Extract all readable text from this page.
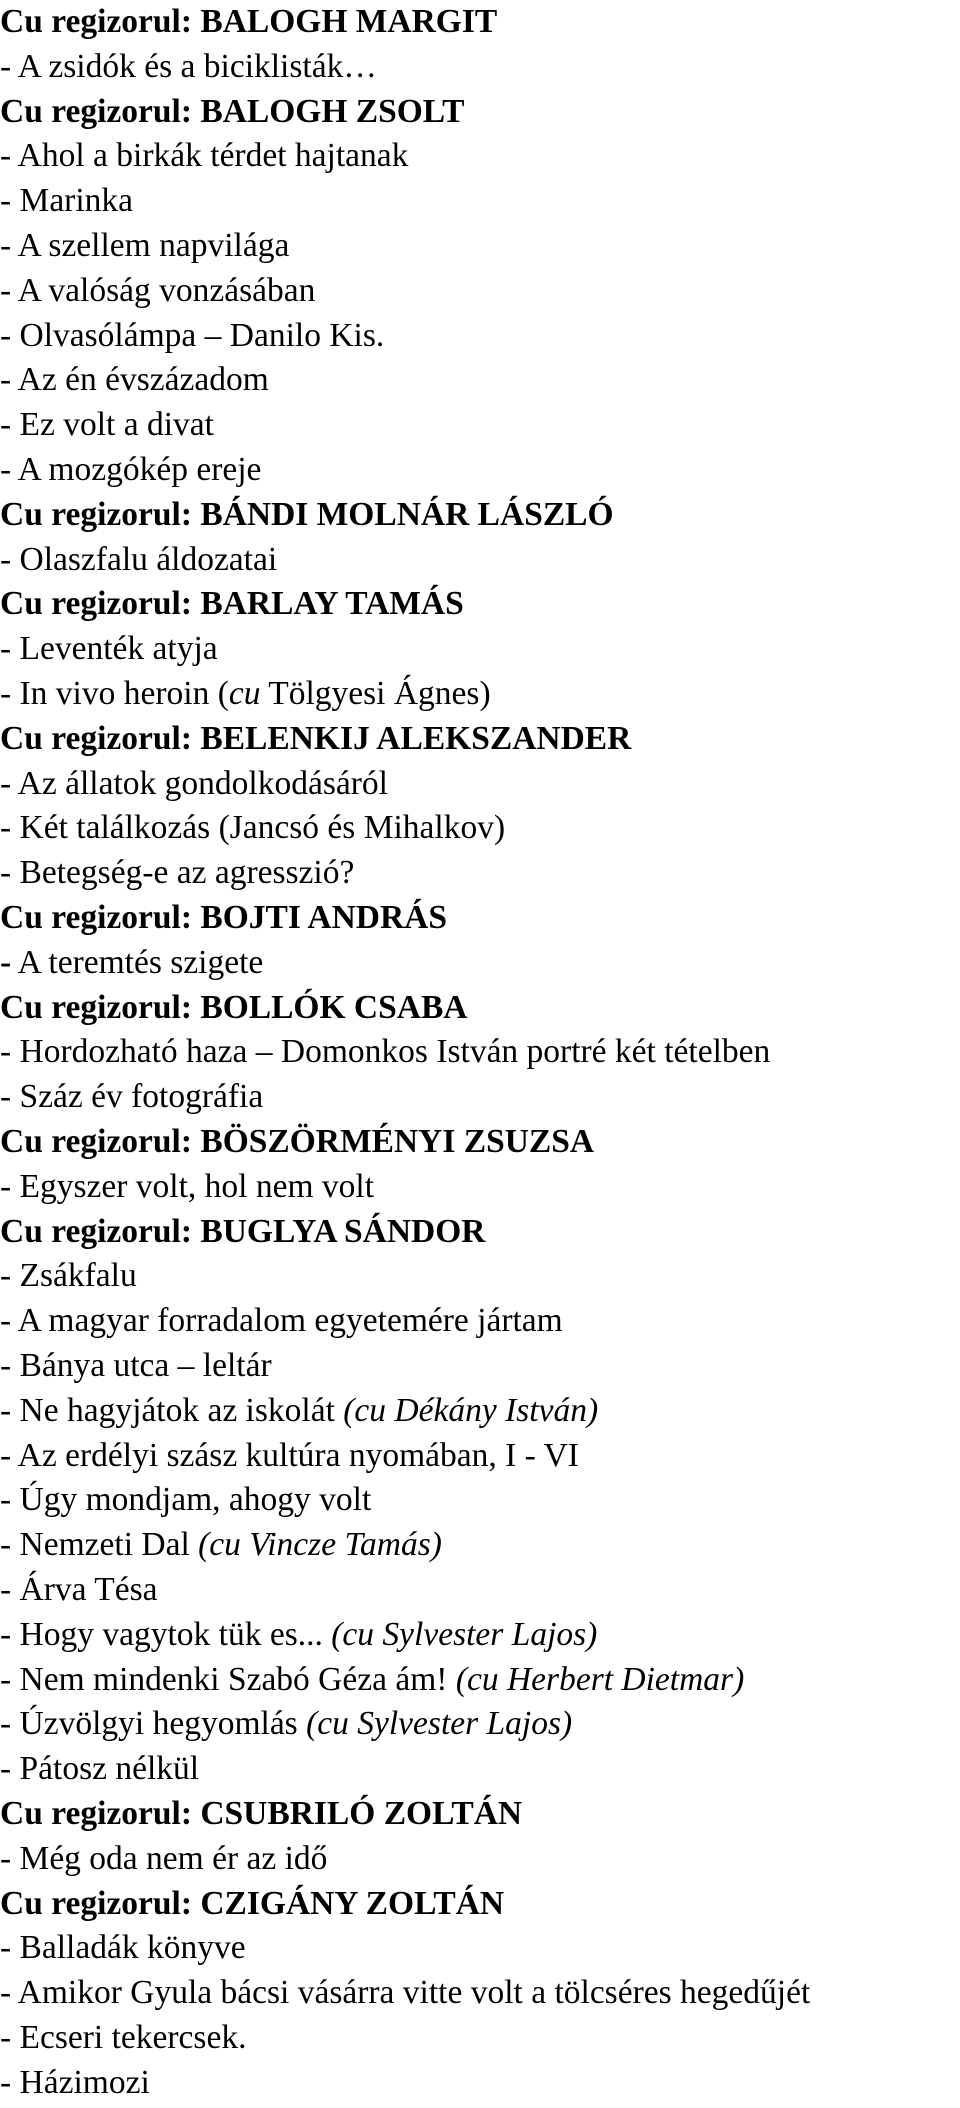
Cu regizorul: BALOGH MARGIT
- A zsidók és a biciklisták…
Cu regizorul: BALOGH ZSOLT
- Ahol a birkák térdet hajtanak
- Marinka
- A szellem napvilága
- A valóság vonzásában
- Olvasólámpa – Danilo Kis.
- Az én évszázadom
- Ez volt a divat
- A mozgókép ereje
Cu regizorul: BÁNDI MOLNÁR LÁSZLÓ
- Olaszfalu áldozatai
Cu regizorul: BARLAY TAMÁS
- Leventék atyja
- In vivo heroin (cu Tölgyesi Ágnes)
Cu regizorul: BELENKIJ ALEKSZANDER
- Az állatok gondolkodásáról
- Két találkozás (Jancsó és Mihalkov)
- Betegség-e az agresszió?
Cu regizorul: BOJTI ANDRÁS
- A teremtés szigete
Cu regizorul: BOLLÓK CSABA
- Hordozható haza – Domonkos István portré két tételben
- Száz év fotográfia
Cu regizorul: BÖSZÖRMÉNYI ZSUZSA
- Egyszer volt, hol nem volt
Cu regizorul: BUGLYA SÁNDOR
- Zsákfalu
- A magyar forradalom egyetemére jártam
- Bánya utca – leltár
- Ne hagyjátok az iskolát (cu Dékány István)
- Az erdélyi szász kultúra nyomában, I - VI
- Úgy mondjam, ahogy volt
- Nemzeti Dal (cu Vincze Tamás)
- Árva Tésa
- Hogy vagytok tük es... (cu Sylvester Lajos)
- Nem mindenki Szabó Géza ám! (cu Herbert Dietmar)
- Úzvölgyi hegyomlás (cu Sylvester Lajos)
- Pátosz nélkül
Cu regizorul: CSUBRILÓ ZOLTÁN
- Még oda nem ér az idő
Cu regizorul: CZIGÁNY ZOLTÁN
- Balladák könyve
- Amikor Gyula bácsi vásárra vitte volt a tölcséres hegedűjét
- Ecseri tekercsek.
- Házimozi
